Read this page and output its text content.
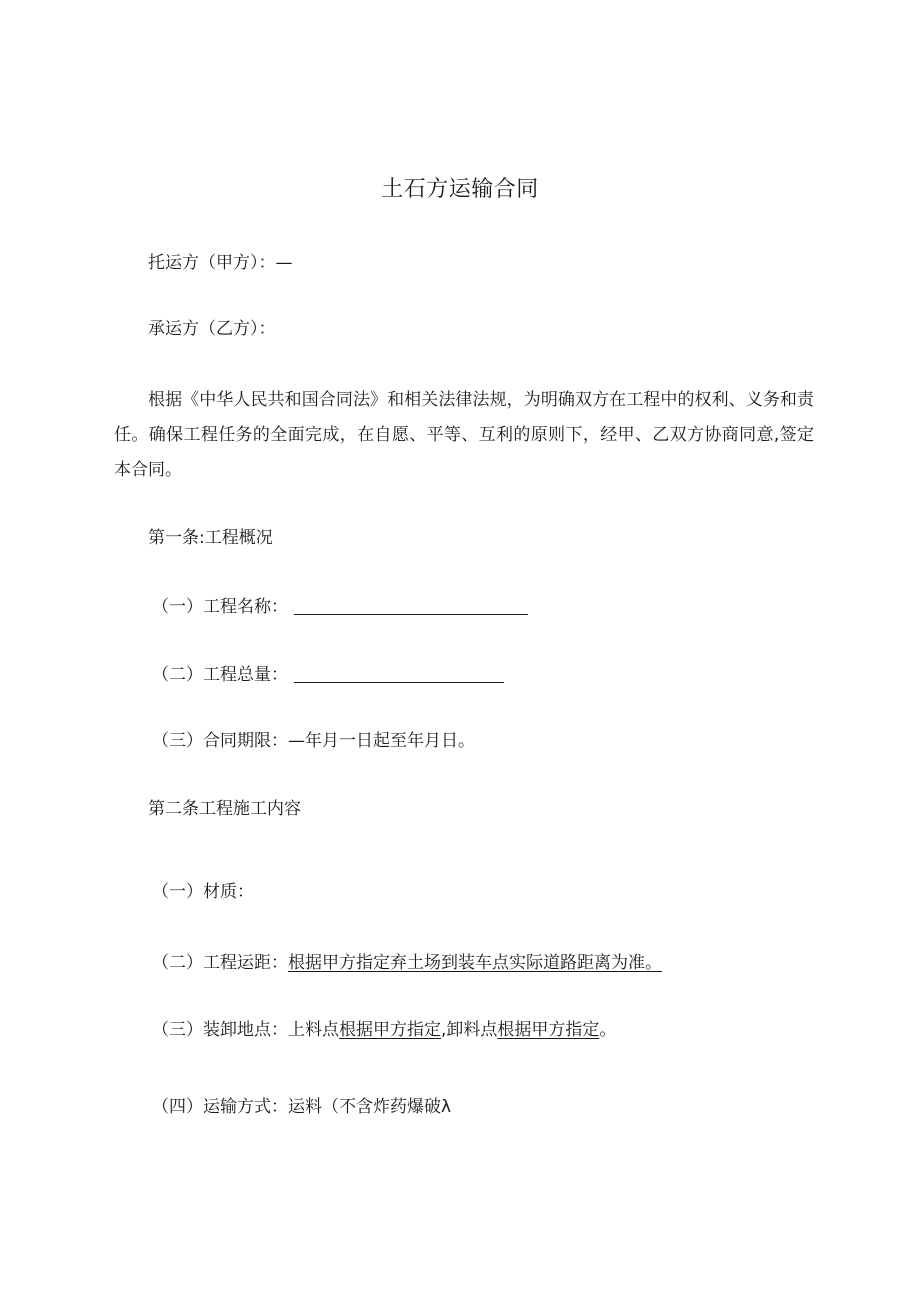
土石方运输合同
托运方（甲方）：—
承运方（乙方）：
根据《中华人民共和国合同法》和相关法律法规，为明确双方在工程中的权利、义务和责任。确保工程任务的全面完成，在自愿、平等、互利的原则下，经甲、乙双方协商同意,签定本合同。
第一条:工程概况
（一）工程名称：
（二）工程总量：
（三）合同期限：—年月一日起至年月日。
第二条工程施工内容
（一）材质：
（二）工程运距：根据甲方指定弃土场到装车点实际道路距离为准。
（三）装卸地点：上料点根据甲方指定,卸料点根据甲方指定。
（四）运输方式：运料（不含炸药爆破λ
